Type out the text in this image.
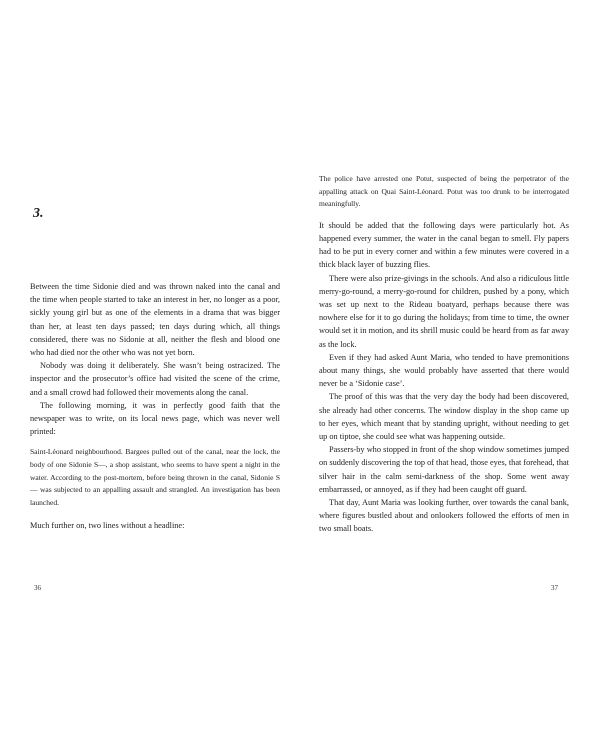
3.

Between the time Sidonie died and was thrown naked into the canal and the time when people started to take an interest in her, no longer as a poor, sickly young girl but as one of the elements in a drama that was bigger than her, at least ten days passed; ten days during which, all things considered, there was no Sidonie at all, neither the flesh and blood one who had died nor the other who was not yet born.

Nobody was doing it deliberately. She wasn’t being ostracized. The inspector and the prosecutor’s office had visited the scene of the crime, and a small crowd had followed their movements along the canal.

The following morning, it was in perfectly good faith that the newspaper was to write, on its local news page, which was never well printed:

Saint-Léonard neighbourhood. Bargees pulled out of the canal, near the lock, the body of one Sidonie S—, a shop assistant, who seems to have spent a night in the water. According to the post-mortem, before being thrown in the canal, Sidonie S— was subjected to an appalling assault and strangled. An investigation has been launched.

Much further on, two lines without a headline:

36

The police have arrested one Potut, suspected of being the perpetrator of the appalling attack on Quai Saint-Léonard. Potut was too drunk to be interrogated meaningfully.

It should be added that the following days were particularly hot. As happened every summer, the water in the canal began to smell. Fly papers had to be put in every corner and within a few minutes were covered in a thick black layer of buzzing flies.

There were also prize-givings in the schools. And also a ridiculous little merry-go-round, a merry-go-round for children, pushed by a pony, which was set up next to the Rideau boatyard, perhaps because there was nowhere else for it to go during the holidays; from time to time, the owner would set it in motion, and its shrill music could be heard from as far away as the lock.

Even if they had asked Aunt Maria, who tended to have premonitions about many things, she would probably have asserted that there would never be a ‘Sidonie case’.

The proof of this was that the very day the body had been discovered, she already had other concerns. The window display in the shop came up to her eyes, which meant that by standing upright, without needing to get up on tiptoe, she could see what was happening outside.

Passers-by who stopped in front of the shop window sometimes jumped on suddenly discovering the top of that head, those eyes, that forehead, that silver hair in the calm semi-darkness of the shop. Some went away embarrassed, or annoyed, as if they had been caught off guard.

That day, Aunt Maria was looking further, over towards the canal bank, where figures bustled about and onlookers followed the efforts of men in two small boats.

37
